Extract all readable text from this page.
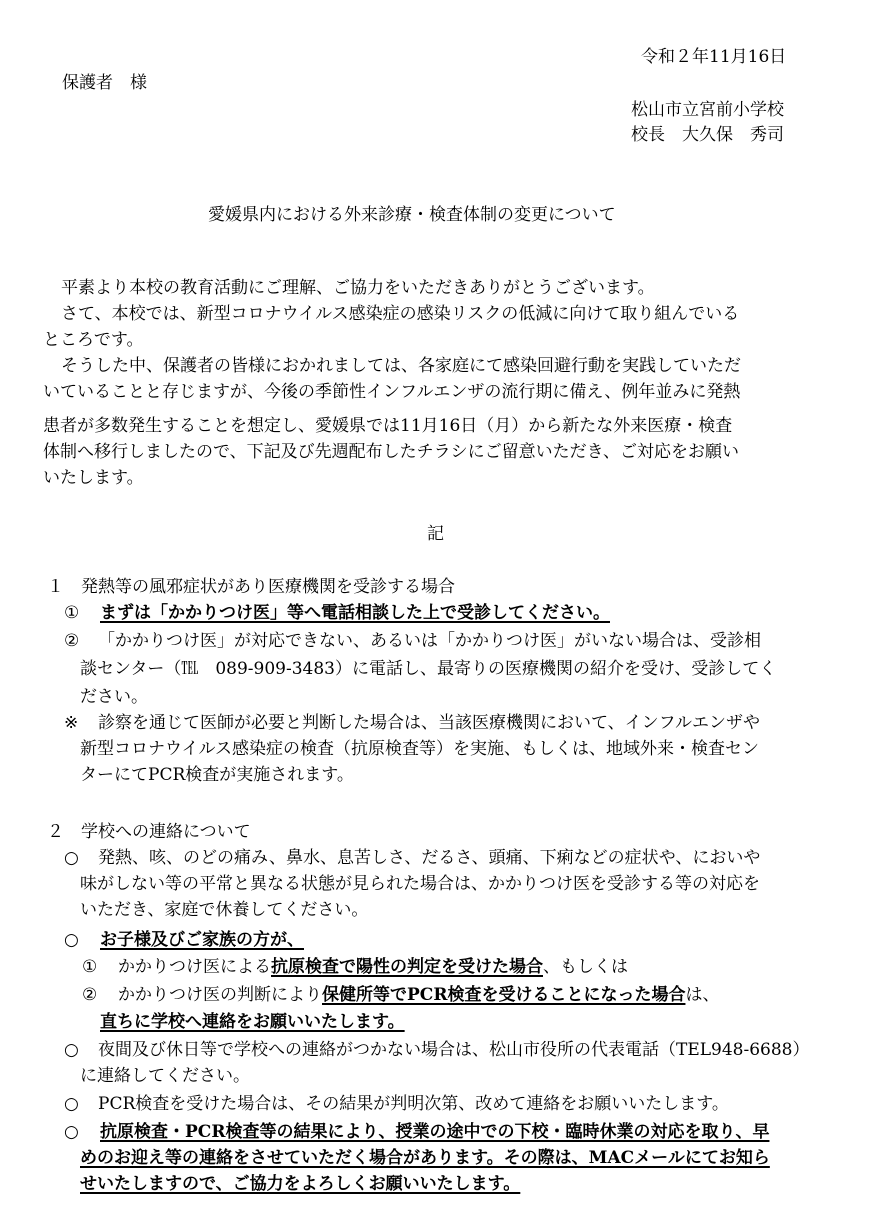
令和２年11月16日
保護者　様
松山市立宮前小学校
校長　大久保　秀司
愛媛県内における外来診療・検査体制の変更について
平素より本校の教育活動にご理解、ご協力をいただきありがとうございます。
さて、本校では、新型コロナウイルス感染症の感染リスクの低減に向けて取り組んでいる
ところです。
そうした中、保護者の皆様におかれましては、各家庭にて感染回避行動を実践していただ
いていることと存じますが、今後の季節性インフルエンザの流行期に備え、例年並みに発熱
患者が多数発生することを想定し、愛媛県では11月16日（月）から新たな外来医療・検査
体制へ移行しましたので、下記及び先週配布したチラシにご留意いただき、ご対応をお願い
いたします。
記
１　発熱等の風邪症状があり医療機関を受診する場合
① まずは「かかりつけ医」等へ電話相談した上で受診してください。
② 「かかりつけ医」が対応できない、あるいは「かかりつけ医」がいない場合は、受診相
談センター（℡　089-909-3483）に電話し、最寄りの医療機関の紹介を受け、受診してく
ださい。
※ 診察を通じて医師が必要と判断した場合は、当該医療機関において、インフルエンザや
新型コロナウイルス感染症の検査（抗原検査等）を実施、もしくは、地域外来・検査セン
ターにてPCR検査が実施されます。
２　学校への連絡について
○ 発熱、咳、のどの痛み、鼻水、息苦しさ、だるさ、頭痛、下痢などの症状や、においや
味がしない等の平常と異なる状態が見られた場合は、かかりつけ医を受診する等の対応を
いただき、家庭で休養してください。
○ お子様及びご家族の方が、
① かかりつけ医による抗原検査で陽性の判定を受けた場合、もしくは
② かかりつけ医の判断により保健所等でPCR検査を受けることになった場合は、
直ちに学校へ連絡をお願いいたします。
○ 夜間及び休日等で学校への連絡がつかない場合は、松山市役所の代表電話（TEL948-6688）
に連絡してください。
○ PCR検査を受けた場合は、その結果が判明次第、改めて連絡をお願いいたします。
○ 抗原検査・PCR検査等の結果により、授業の途中での下校・臨時休業の対応を取り、早
めのお迎え等の連絡をさせていただく場合があります。その際は、MACメールにてお知ら
せいたしますので、ご協力をよろしくお願いいたします。
